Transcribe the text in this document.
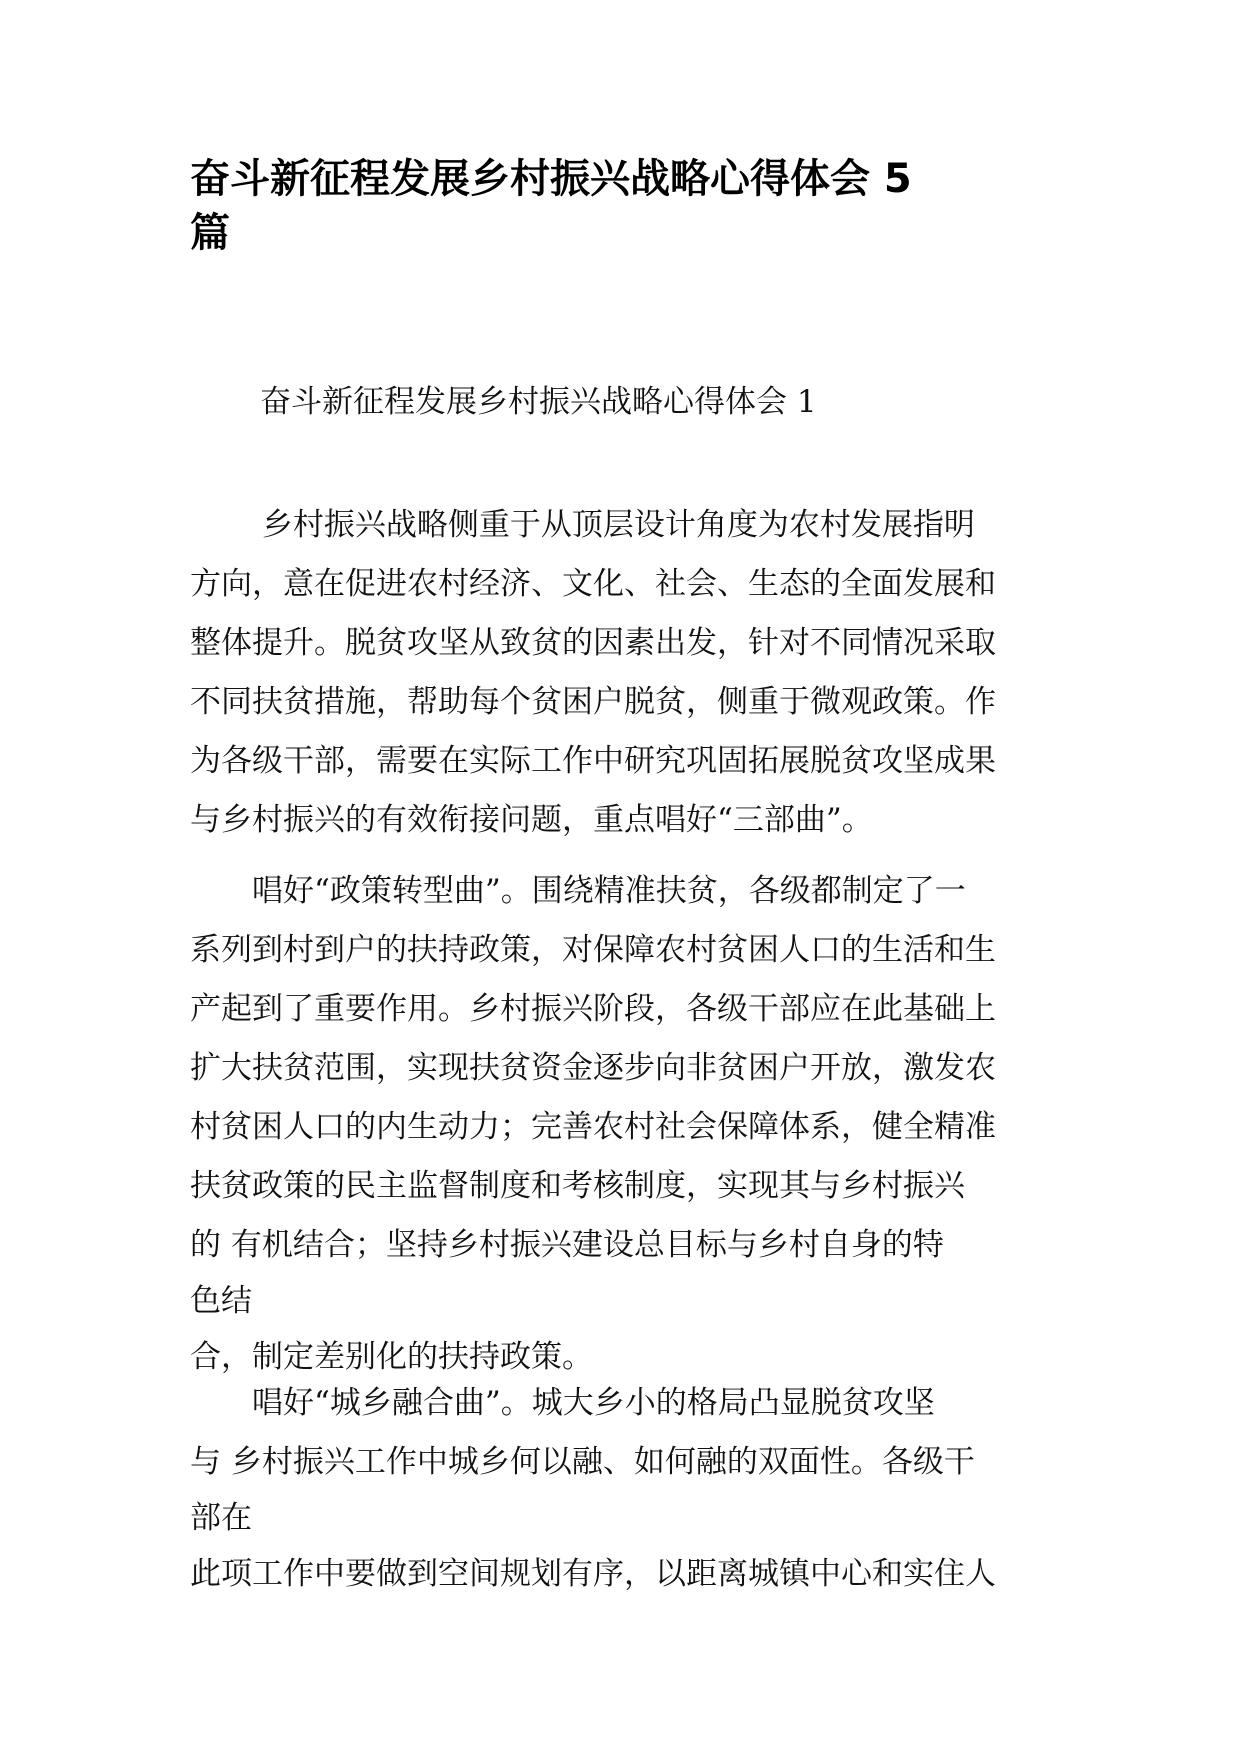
奋斗新征程发展乡村振兴战略心得体会 5
篇

奋斗新征程发展乡村振兴战略心得体会 1

　　 乡村振兴战略侧重于从顶层设计角度为农村发展指明
方向，意在促进农村经济、文化、社会、生态的全面发展和
整体提升。脱贫攻坚从致贫的因素出发，针对不同情况采取
不同扶贫措施，帮助每个贫困户脱贫，侧重于微观政策。作
为各级干部，需要在实际工作中研究巩固拓展脱贫攻坚成果
与乡村振兴的有效衔接问题，重点唱好“三部曲”。
　　唱好“政策转型曲”。围绕精准扶贫，各级都制定了一
系列到村到户的扶持政策，对保障农村贫困人口的生活和生
产起到了重要作用。乡村振兴阶段，各级干部应在此基础上
扩大扶贫范围，实现扶贫资金逐步向非贫困户开放，激发农
村贫困人口的内生动力；完善农村社会保障体系，健全精准
扶贫政策的民主监督制度和考核制度，实现其与乡村振兴
的 有机结合；坚持乡村振兴建设总目标与乡村自身的特
色结
合，制定差别化的扶持政策。
　　唱好“城乡融合曲”。城大乡小的格局凸显脱贫攻坚
与 乡村振兴工作中城乡何以融、如何融的双面性。各级干
部在
此项工作中要做到空间规划有序，以距离城镇中心和实住人
